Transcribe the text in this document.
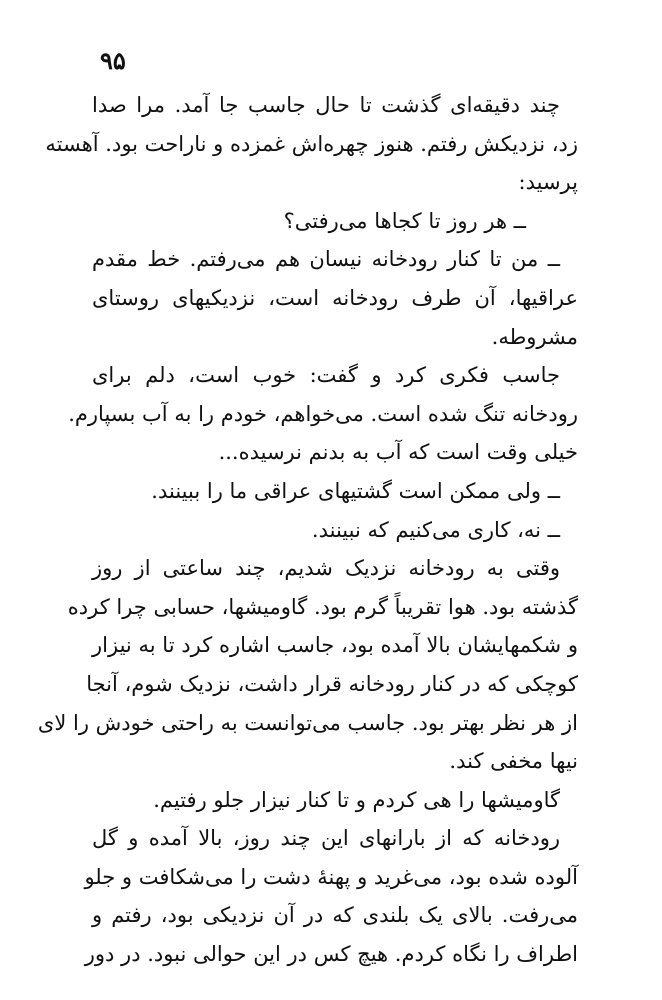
۹۵
چند دقیقه‌ای گذشت تا حال جاسب جا آمد. مرا صدا
زد، نزدیکش رفتم. هنوز چهره‌اش غمزده و ناراحت بود. آهسته
پرسید:
ــ هر روز تا کجاها می‌رفتی؟
ــ من تا کنار رودخانه نیسان هم می‌رفتم. خط مقدم
عراقیها، آن طرف رودخانه است، نزدیکیهای روستای
مشروطه.
جاسب فکری کرد و گفت: خوب است، دلم برای
رودخانه تنگ شده است. می‌خواهم، خودم را به آب بسپارم.
خیلی وقت است که آب به بدنم نرسیده...
ــ ولی ممکن است گشتیهای عراقی ما را ببینند.
ــ نه، کاری می‌کنیم که نبینند.
وقتی به رودخانه نزدیک شدیم، چند ساعتی از روز
گذشته بود. هوا تقریباً گرم بود. گاومیشها، حسابی چرا کرده
و شکمهایشان بالا آمده بود، جاسب اشاره کرد تا به نیزار
کوچکی که در کنار رودخانه قرار داشت، نزدیک شوم، آنجا
از هر نظر بهتر بود. جاسب می‌توانست به راحتی خودش را لای
نیها مخفی کند.
گاومیشها را هی کردم و تا کنار نیزار جلو رفتیم.
رودخانه که از بارانهای این چند روز، بالا آمده و گل
آلوده شده بود، می‌غرید و پهنهٔ دشت را می‌شکافت و جلو
می‌رفت. بالای یک بلندی که در آن نزدیکی بود، رفتم و
اطراف را نگاه کردم. هیچ کس در این حوالی نبود. در دور
